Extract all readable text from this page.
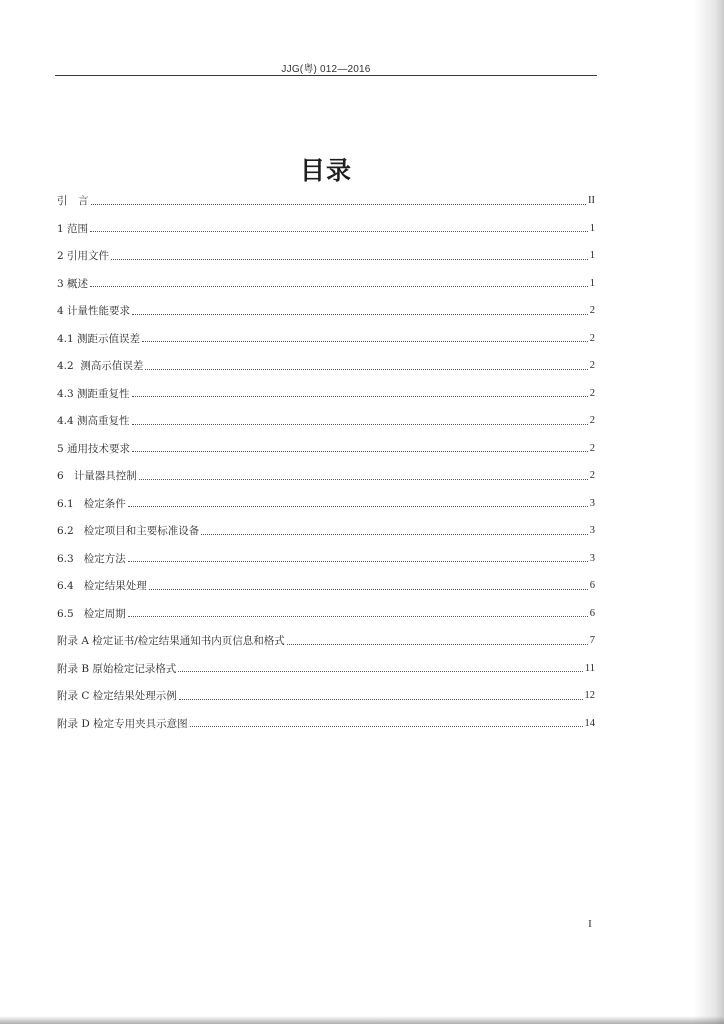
JJG(粤) 012—2016
目录
引　言	II
1 范围	1
2 引用文件	1
3 概述	1
4 计量性能要求	2
4.1 测距示值误差	2
4.2  测高示值误差	2
4.3 测距重复性	2
4.4 测高重复性	2
5 通用技术要求	2
6   计量器具控制	2
6.1   检定条件	3
6.2   检定项目和主要标准设备	3
6.3   检定方法	3
6.4   检定结果处理	6
6.5   检定周期	6
附录 A 检定证书/检定结果通知书内页信息和格式	7
附录 B 原始检定记录格式	11
附录 C 检定结果处理示例	12
附录 D 检定专用夹具示意图	14
I
